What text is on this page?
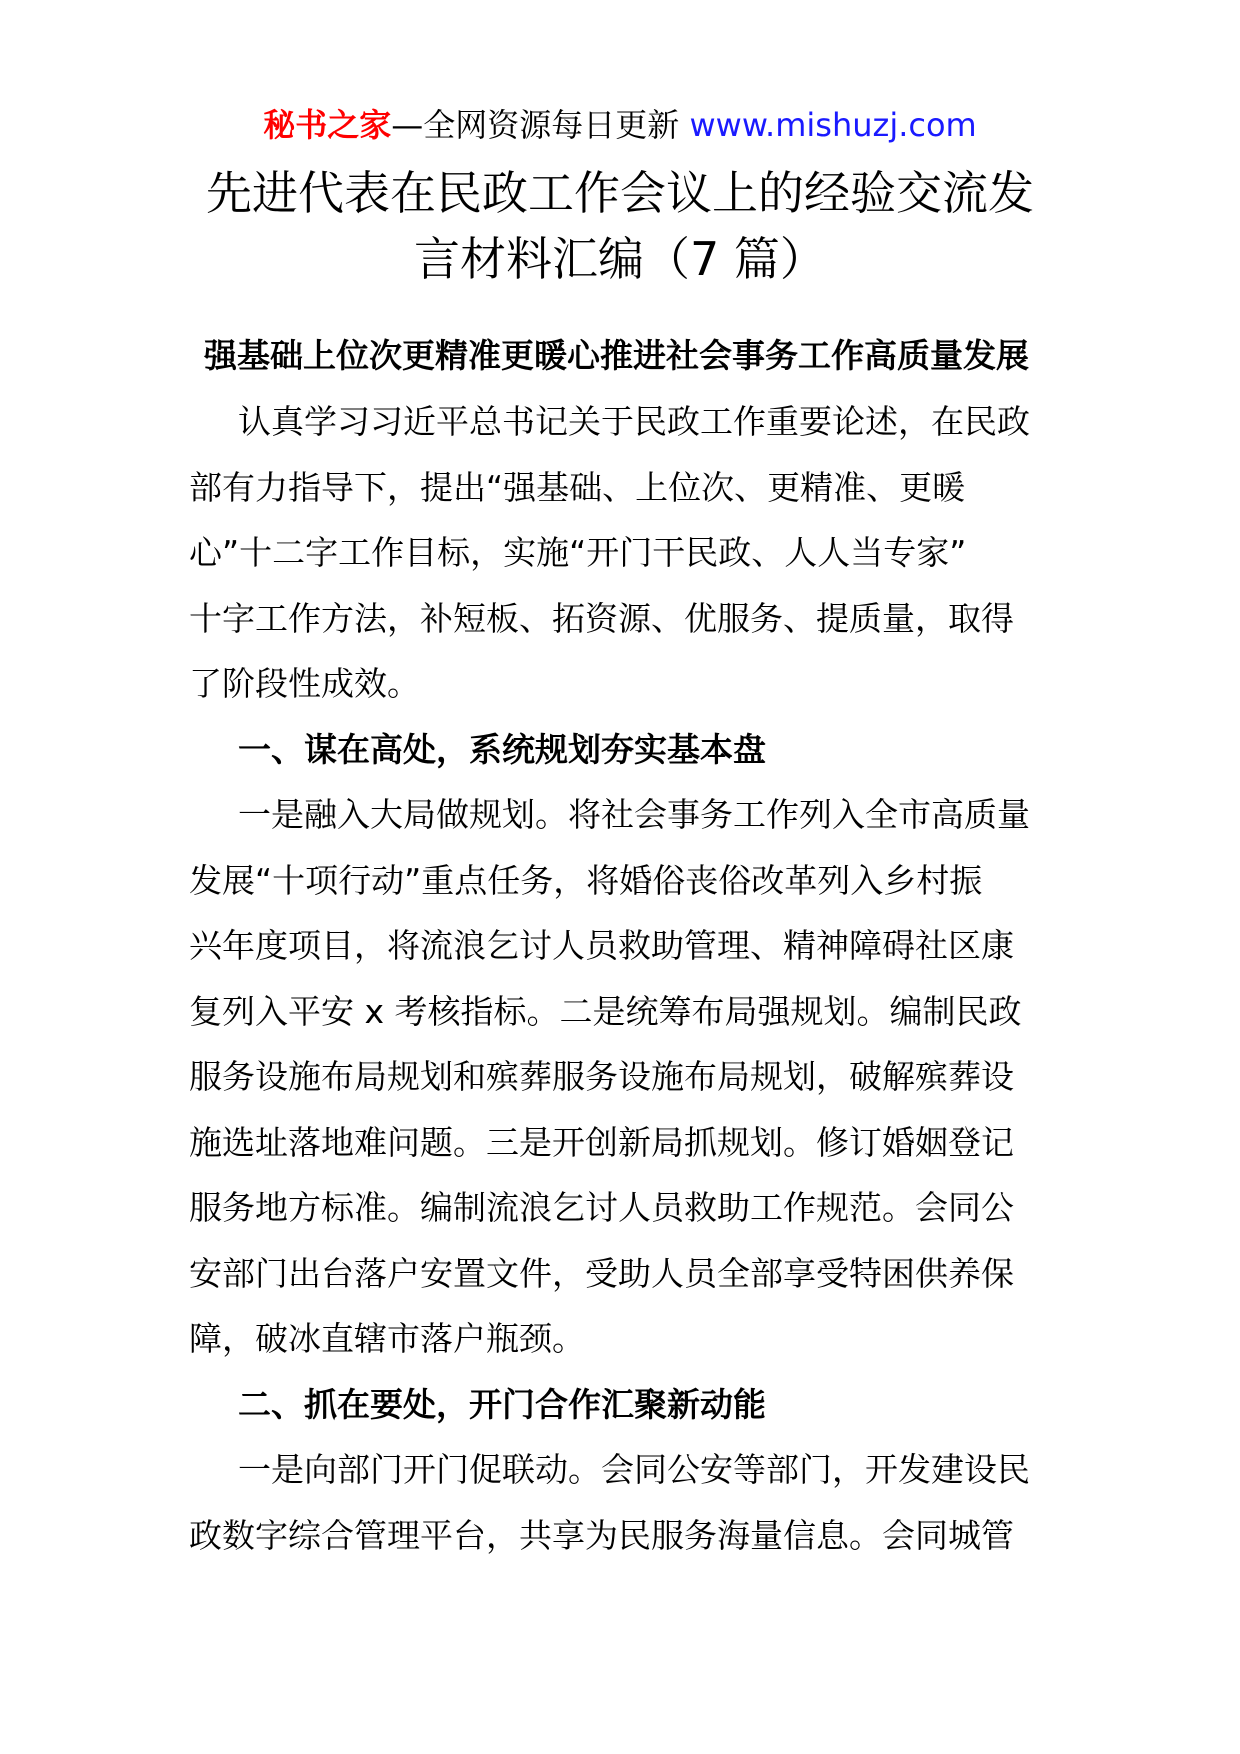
秘书之家—全网资源每日更新 www.mishuzj.com
先进代表在民政工作会议上的经验交流发
言材料汇编（7 篇）
强基础上位次更精准更暖心推进社会事务工作高质量发展
认真学习习近平总书记关于民政工作重要论述，在民政
部有力指导下，提出“强基础、上位次、更精准、更暖
心”十二字工作目标，实施“开门干民政、人人当专家”
十字工作方法，补短板、拓资源、优服务、提质量，取得
了阶段性成效。
一、谋在高处，系统规划夯实基本盘
一是融入大局做规划。将社会事务工作列入全市高质量
发展“十项行动”重点任务，将婚俗丧俗改革列入乡村振
兴年度项目，将流浪乞讨人员救助管理、精神障碍社区康
复列入平安 x 考核指标。二是统筹布局强规划。编制民政
服务设施布局规划和殡葬服务设施布局规划，破解殡葬设
施选址落地难问题。三是开创新局抓规划。修订婚姻登记
服务地方标准。编制流浪乞讨人员救助工作规范。会同公
安部门出台落户安置文件，受助人员全部享受特困供养保
障，破冰直辖市落户瓶颈。
二、抓在要处，开门合作汇聚新动能
一是向部门开门促联动。会同公安等部门，开发建设民
政数字综合管理平台，共享为民服务海量信息。会同城管
